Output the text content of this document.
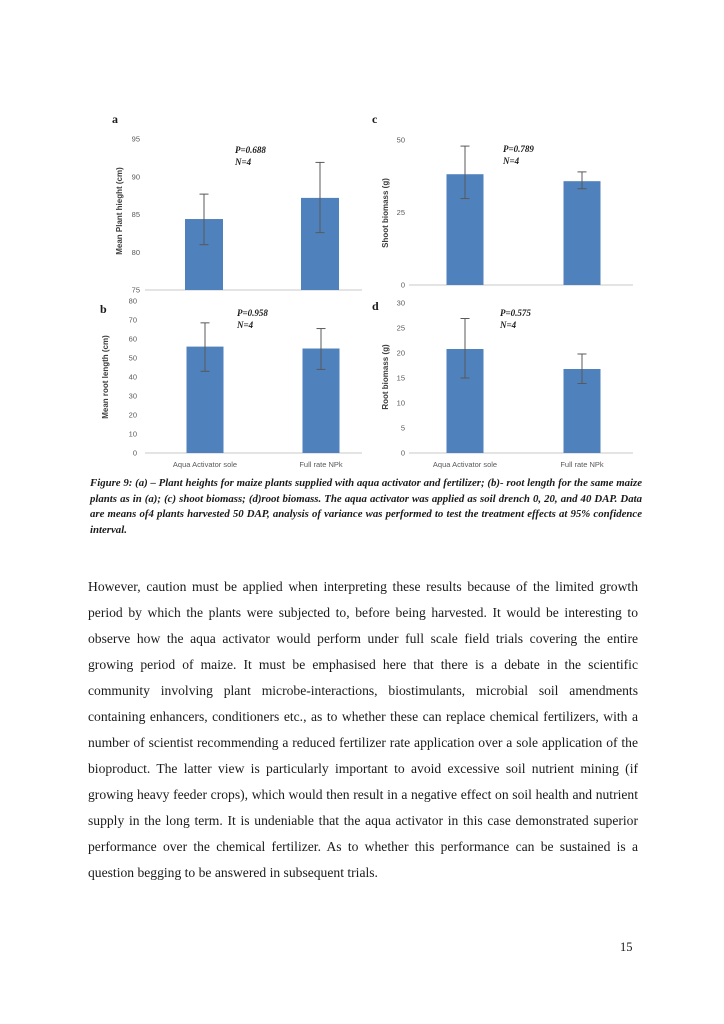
75
80
85
90
95
Mean Plant hieght (cm)
P=0.688
N=4
a
0
10
20
30
40
50
60
70
80
Mean root length (cm)
Aqua Activator sole	Full rate NPk
P=0.958
N=4
b
0
25
50
Shoot biomass (g)
P=0.789
N=4
c
0
5
10
15
20
25
30
Root biomass (g)
Aqua Activator sole	Full rate NPk
P=0.575
N=4
d

Figure 9: (a) – Plant heights for maize plants supplied with aqua activator and fertilizer; (b)- root length for the same maize plants as in (a); (c) shoot biomass; (d)root biomass. The aqua activator was applied as soil drench 0, 20, and 40 DAP. Data are means of4 plants harvested 50 DAP, analysis of variance was performed to test the treatment effects at 95% confidence interval.

However, caution must be applied when interpreting these results because of the limited growth period by which the plants were subjected to, before being harvested. It would be interesting to observe how the aqua activator would perform under full scale field trials covering the entire growing period of maize. It must be emphasised here that there is a debate in the scientific community involving plant microbe-interactions, biostimulants, microbial soil amendments containing enhancers, conditioners etc., as to whether these can replace chemical fertilizers, with a number of scientist recommending a reduced fertilizer rate application over a sole application of the bioproduct. The latter view is particularly important to avoid excessive soil nutrient mining (if growing heavy feeder crops), which would then result in a negative effect on soil health and nutrient supply in the long term. It is undeniable that the aqua activator in this case demonstrated superior performance over the chemical fertilizer. As to whether this performance can be sustained is a question begging to be answered in subsequent trials.

15
